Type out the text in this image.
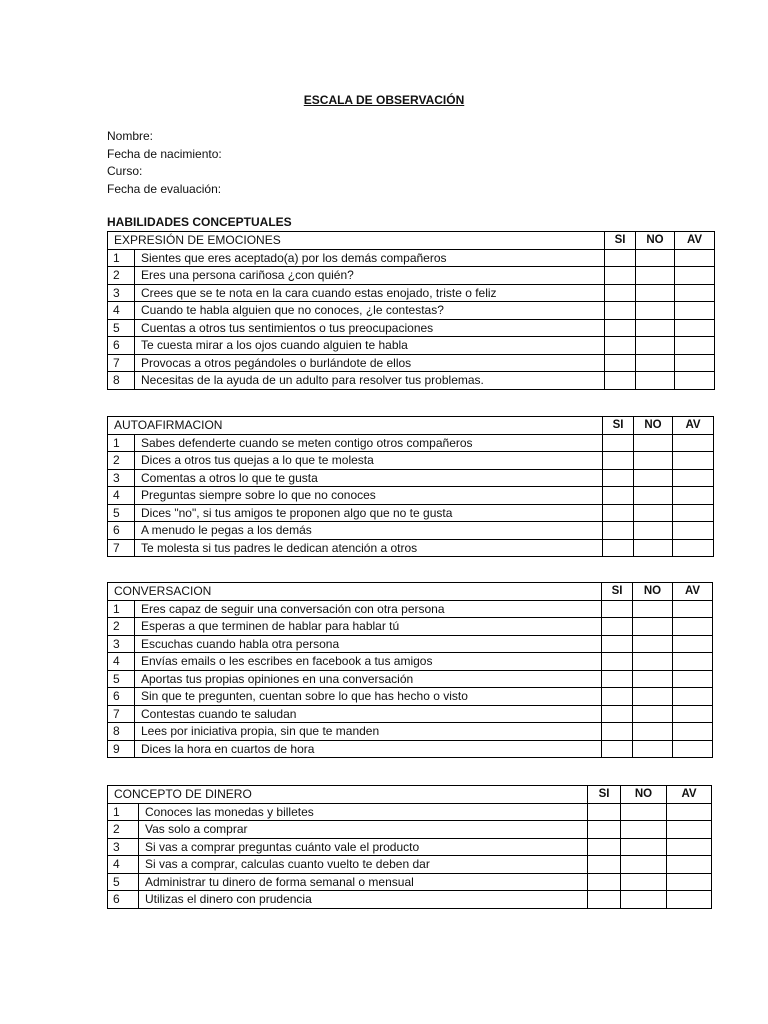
ESCALA DE OBSERVACIÓN
Nombre:
Fecha de nacimiento:
Curso:
Fecha de evaluación:
HABILIDADES CONCEPTUALES
EXPRESIÓN DE EMOCIONES		SI	NO	AV
1	Sientes que eres aceptado(a) por los demás compañeros			
2	Eres una persona cariñosa ¿con quién?			
3	Crees que se te nota en la cara cuando estas enojado, triste o feliz			
4	Cuando te habla alguien que no conoces, ¿le contestas?			
5	Cuentas a otros tus sentimientos o tus preocupaciones			
6	Te cuesta mirar a los ojos cuando alguien te habla			
7	Provocas a otros pegándoles o burlándote de ellos			
8	Necesitas de la ayuda de un adulto para resolver tus problemas.			
AUTOAFIRMACION		SI	NO	AV
1	Sabes defenderte cuando se meten contigo otros compañeros			
2	Dices a otros tus quejas a lo que te molesta			
3	Comentas a otros lo que te gusta			
4	Preguntas siempre sobre lo que no conoces			
5	Dices "no", si tus amigos te proponen algo que no te gusta			
6	A menudo le pegas a los demás			
7	Te molesta si tus padres le dedican atención a otros			
CONVERSACION		SI	NO	AV
1	Eres capaz de seguir una conversación con otra persona			
2	Esperas a que terminen de hablar para hablar tú			
3	Escuchas cuando habla otra persona			
4	Envías emails o les escribes en facebook a tus amigos			
5	Aportas tus propias opiniones en una conversación			
6	Sin que te pregunten, cuentan sobre lo que has hecho o visto			
7	Contestas cuando te saludan			
8	Lees por iniciativa propia, sin que te manden			
9	Dices la hora en cuartos de hora			
CONCEPTO DE DINERO		SI	NO	AV
1	Conoces las monedas y billetes			
2	Vas solo a comprar			
3	Si vas a comprar preguntas cuánto vale el producto			
4	Si vas a comprar, calculas cuanto vuelto te deben dar			
5	Administrar tu dinero de forma semanal o mensual			
6	Utilizas el dinero con prudencia			
